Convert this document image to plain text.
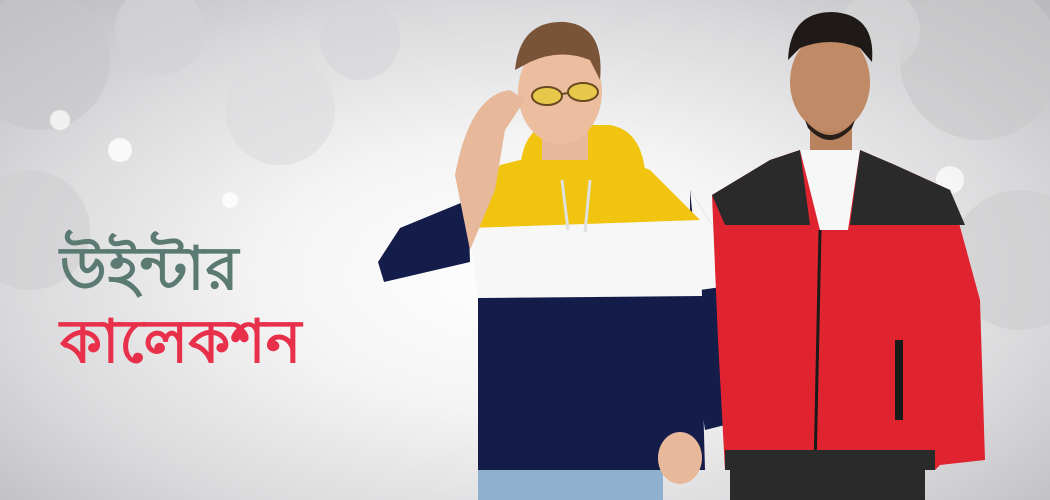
উইন্টার
কালেকশন
